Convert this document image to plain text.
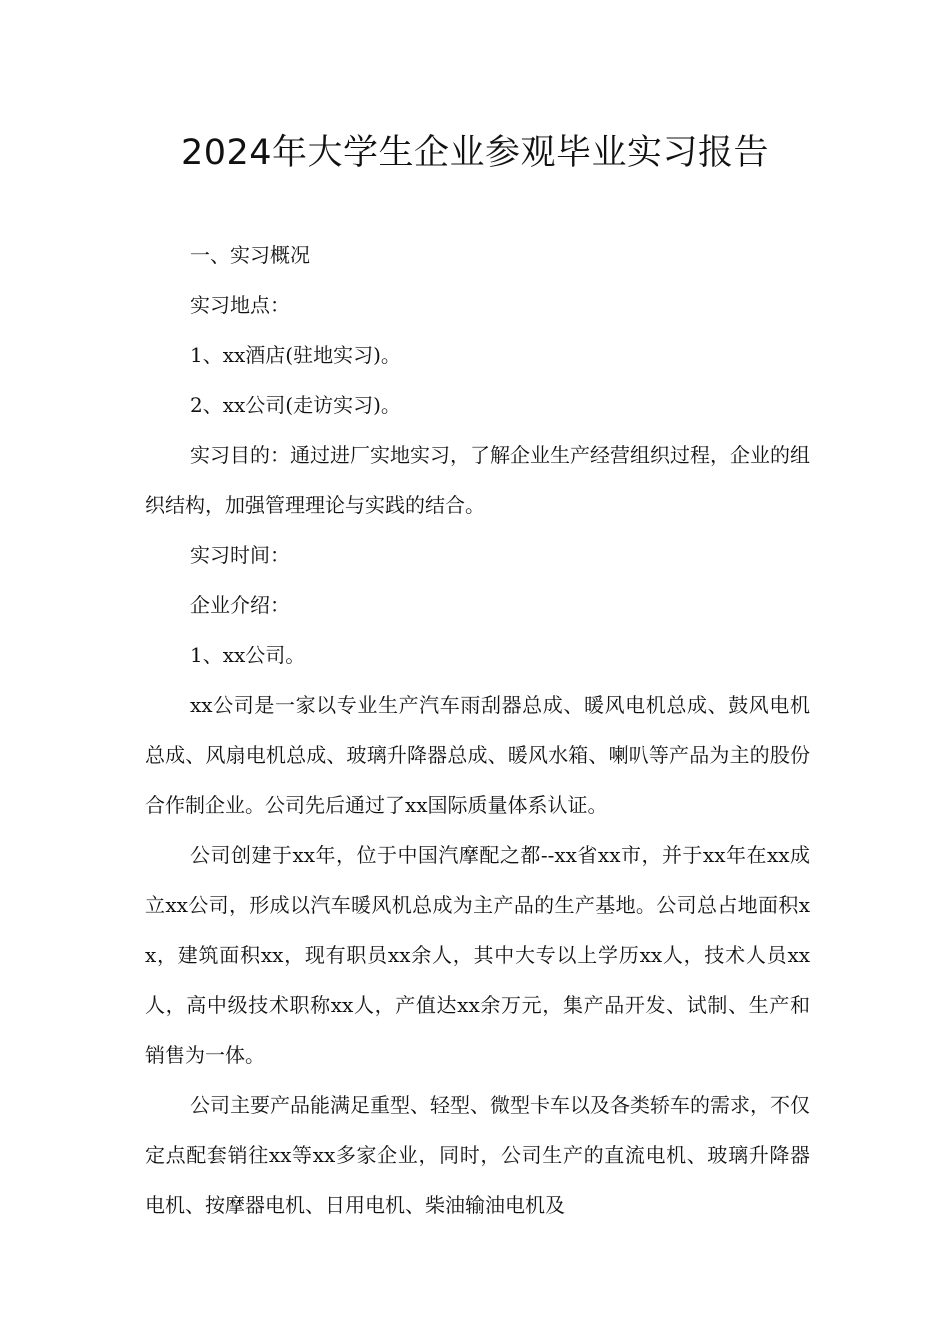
2024年大学生企业参观毕业实习报告

一、实习概况

实习地点：

1、xx酒店(驻地实习)。

2、xx公司(走访实习)。

实习目的：通过进厂实地实习，了解企业生产经营组织过程，企业的组织结构，加强管理理论与实践的结合。

实习时间：

企业介绍：

1、xx公司。

xx公司是一家以专业生产汽车雨刮器总成、暖风电机总成、鼓风电机总成、风扇电机总成、玻璃升降器总成、暖风水箱、喇叭等产品为主的股份合作制企业。公司先后通过了xx国际质量体系认证。

公司创建于xx年，位于中国汽摩配之都--xx省xx市，并于xx年在xx成立xx公司，形成以汽车暖风机总成为主产品的生产基地。公司总占地面积xx，建筑面积xx，现有职员xx余人，其中大专以上学历xx人，技术人员xx人，高中级技术职称xx人，产值达xx余万元，集产品开发、试制、生产和销售为一体。

公司主要产品能满足重型、轻型、微型卡车以及各类轿车的需求，不仅定点配套销往xx等xx多家企业，同时，公司生产的直流电机、玻璃升降器电机、按摩器电机、日用电机、柴油输油电机及
